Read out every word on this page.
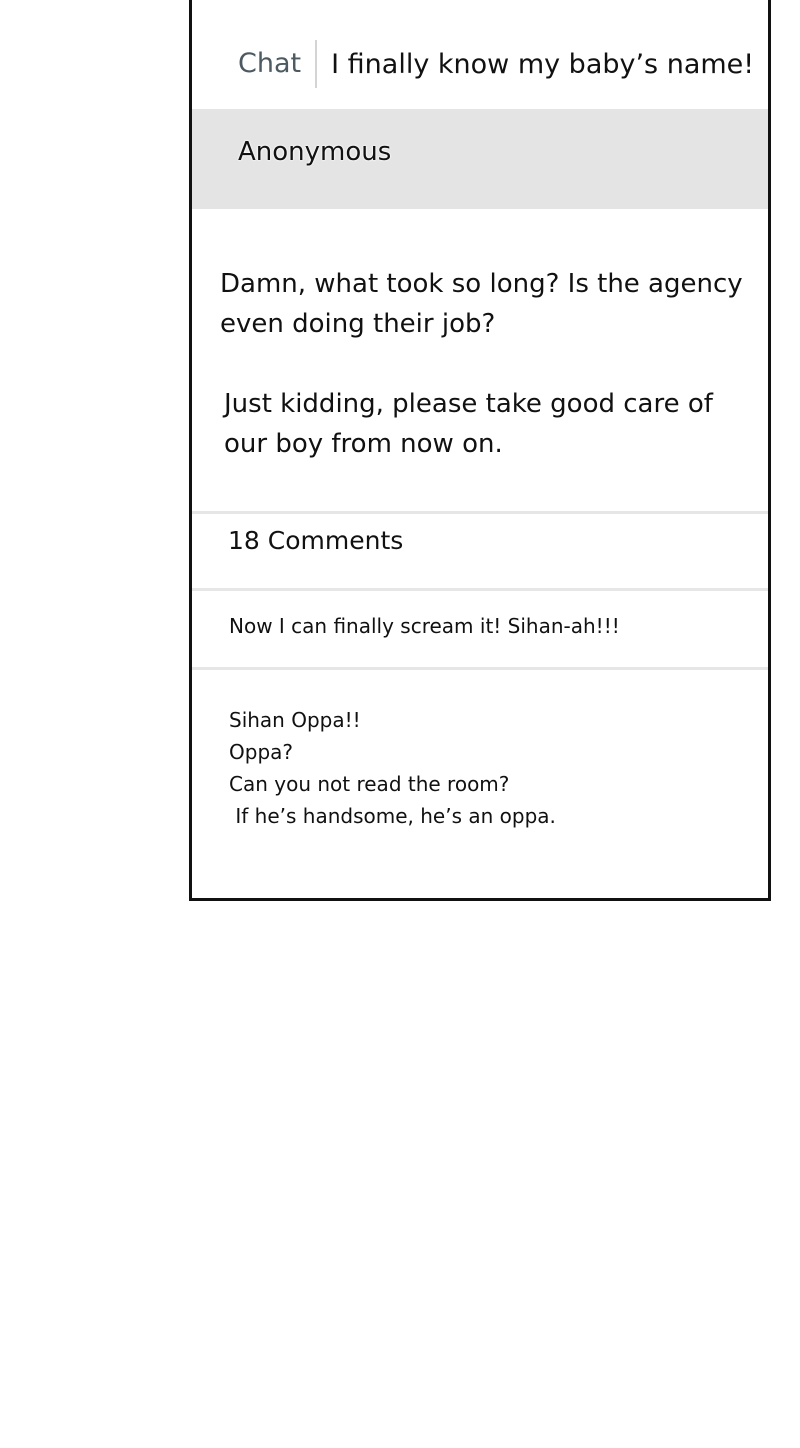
Chat	I finally know my baby’s name!
Anonymous

Damn, what took so long? Is the agency even doing their job?

Just kidding, please take good care of our boy from now on.

18 Comments

Now I can finally scream it! Sihan-ah!!!

Sihan Oppa!!

Oppa?

Can you not read the room?

If he’s handsome, he’s an oppa.
